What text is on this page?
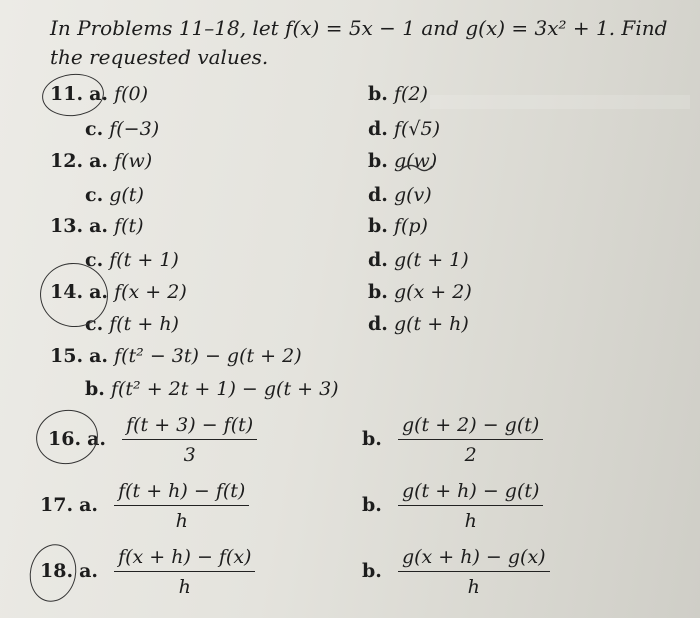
In Problems 11–18, let f(x) = 5x − 1 and g(x) = 3x² + 1. Find the requested values.
11. a. f(0)	b. f(2)
c. f(−3)	d. f(√5)
12. a. f(w)	b. g(w)
c. g(t)	d. g(v)
13. a. f(t)	b. f(p)
c. f(t + 1)	d. g(t + 1)
14. a. f(x + 2)	b. g(x + 2)
c. f(t + h)	d. g(t + h)
15. a. f(t² − 3t) − g(t + 2)
b. f(t² + 2t + 1) − g(t + 3)
16. a. $\frac{f(t + 3) - f(t)}{3}$	b. $\frac{g(t + 2) - g(t)}{2}$
17. a. $\frac{f(t + h) - f(t)}{h}$	b. $\frac{g(t + h) - g(t)}{h}$
18. a. $\frac{f(x + h) - f(x)}{h}$	b. $\frac{g(x + h) - g(x)}{h}$
